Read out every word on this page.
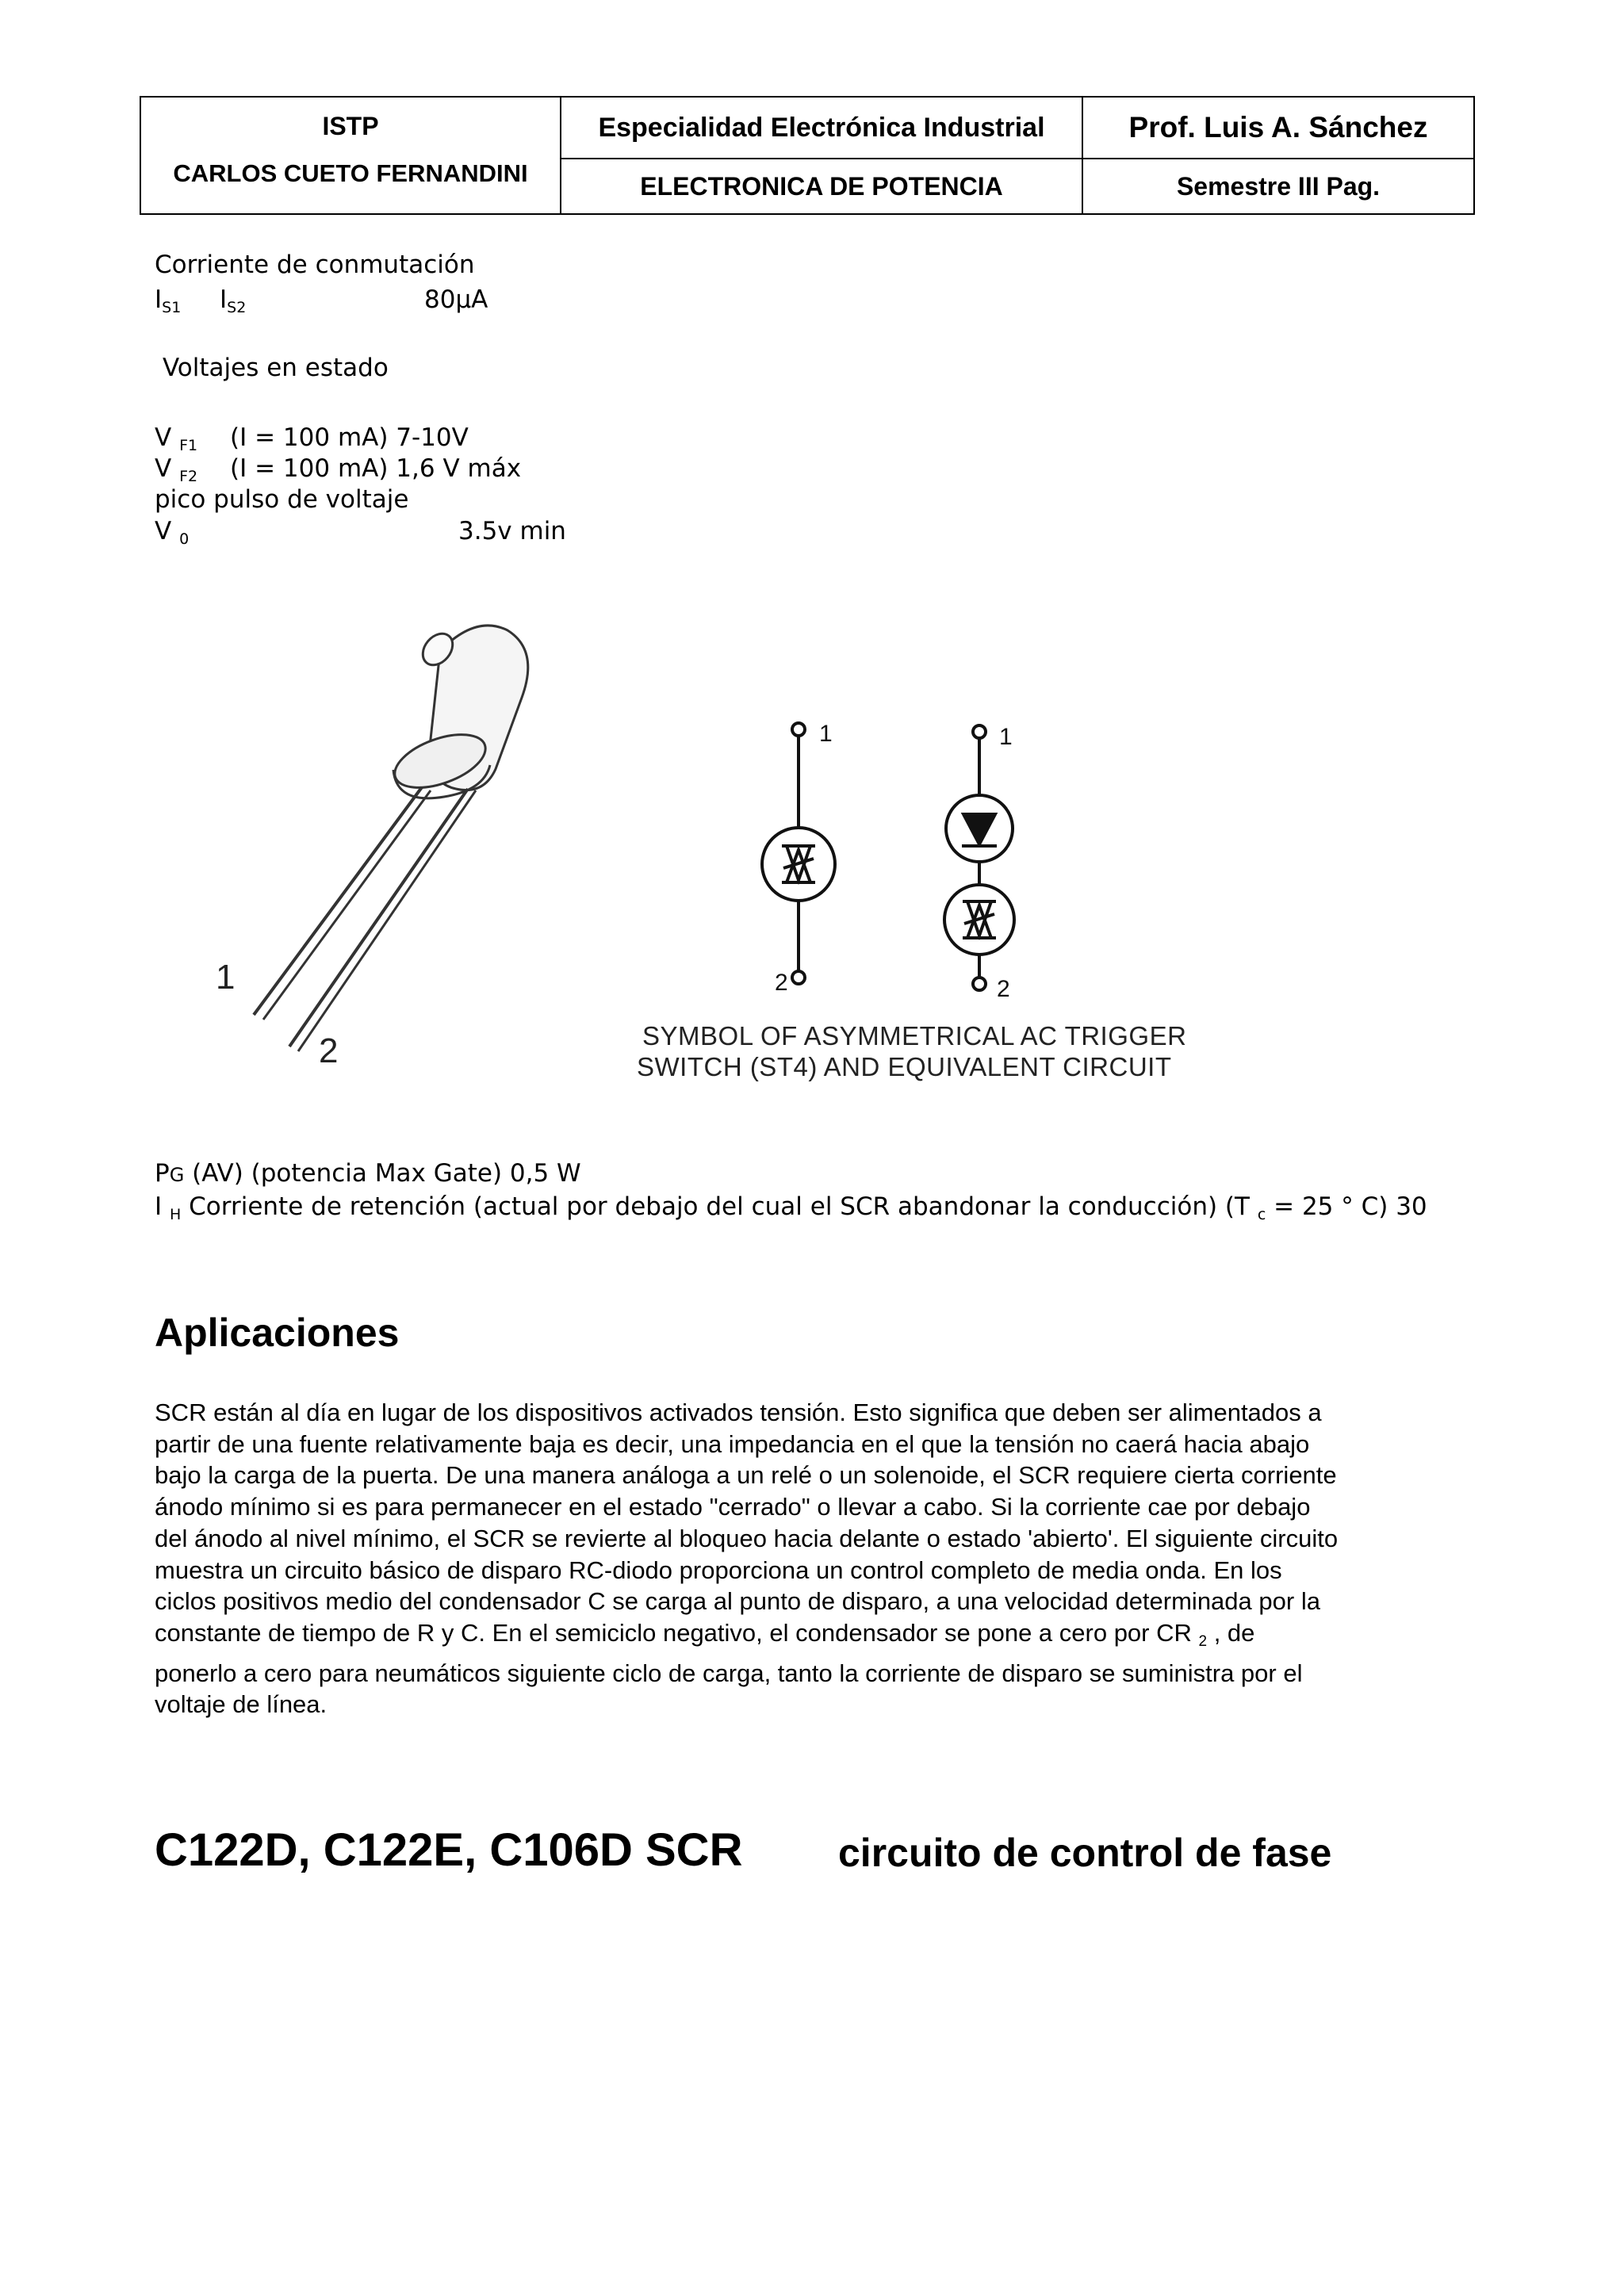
ISTP
CARLOS CUETO FERNANDINI
Especialidad Electrónica Industrial
ELECTRONICA DE POTENCIA
Prof. Luis A. Sánchez
Semestre III Pag.
Corriente de conmutación
$I_{S1}$ $I_{S2}$	80µA
Voltajes en estado
V $_{F1}$ (I = 100 mA) 7-10V
V $_{F2}$ (I = 100 mA) 1,6 V máx
pico pulso de voltaje
V $_0$	3.5v min
1
2
1
2
1
2
SYMBOL OF ASYMMETRICAL AC TRIGGER
SWITCH (ST4) AND EQUIVALENT CIRCUIT
PG (AV) (potencia Max Gate) 0,5 W
I $_H$ Corriente de retención (actual por debajo del cual el SCR abandonar la conducción) (T $_c$ = 25 ° C) 30
Aplicaciones
SCR están al día en lugar de los dispositivos activados tensión. Esto significa que deben ser alimentados a
partir de una fuente relativamente baja es decir, una impedancia en el que la tensión no caerá hacia abajo
bajo la carga de la puerta. De una manera análoga a un relé o un solenoide, el SCR requiere cierta corriente
ánodo mínimo si es para permanecer en el estado "cerrado" o llevar a cabo. Si la corriente cae por debajo
del ánodo al nivel mínimo, el SCR se revierte al bloqueo hacia delante o estado 'abierto'. El siguiente circuito
muestra un circuito básico de disparo RC-diodo proporciona un control completo de media onda. En los
ciclos positivos medio del condensador C se carga al punto de disparo, a una velocidad determinada por la
constante de tiempo de R y C. En el semiciclo negativo, el condensador se pone a cero por CR $_2$ , de
ponerlo a cero para neumáticos siguiente ciclo de carga, tanto la corriente de disparo se suministra por el
voltaje de línea.
C122D, C122E, C106D SCR circuito de control de fase
